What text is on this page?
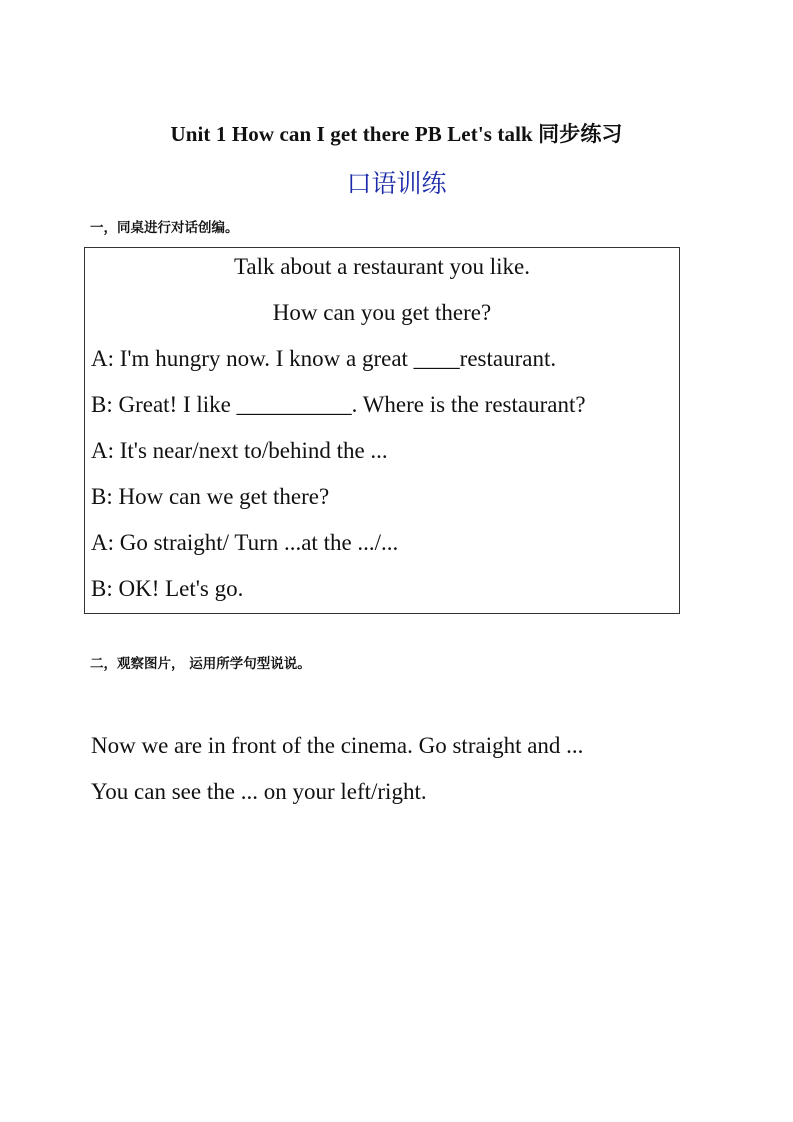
Unit 1 How can I get there PB Let's talk 同步练习
口语训练
一，同桌进行对话创编。
Talk about a restaurant you like.
How can you get there?
A: I'm hungry now. I know a great ____restaurant.
B: Great! I like __________. Where is the restaurant?
A: It's near/next to/behind the ...
B: How can we get there?
A: Go straight/ Turn ...at the .../...
B: OK! Let's go.
二，观察图片， 运用所学句型说说。
Now we are in front of the cinema. Go straight and ...
You can see the ... on your left/right.
